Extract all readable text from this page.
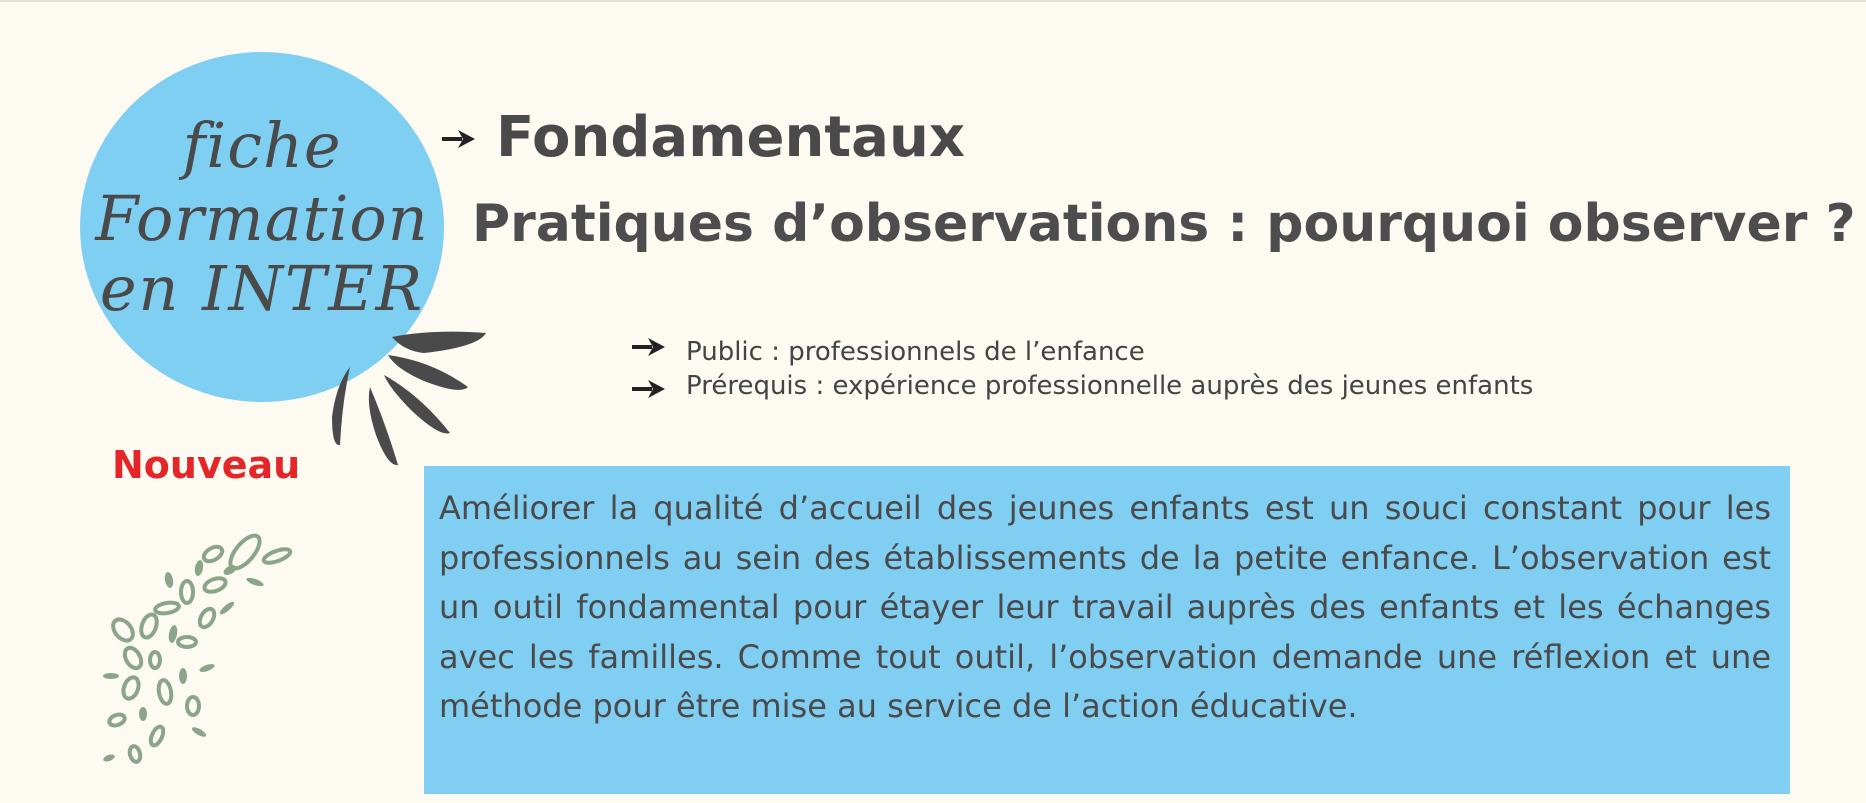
fiche
Formation
en INTER

Nouveau

Fondamentaux
Pratiques d’observations : pourquoi observer ?

Public : professionnels de l’enfance

Prérequis : expérience professionnelle auprès des jeunes enfants

Améliorer la qualité d’accueil des jeunes enfants est un souci constant pour les professionnels au sein des établissements de la petite enfance. L’observation est un outil fondamental pour étayer leur travail auprès des enfants et les échanges avec les familles. Comme tout outil, l’observation demande une réflexion et une méthode pour être mise au service de l’action éducative.
